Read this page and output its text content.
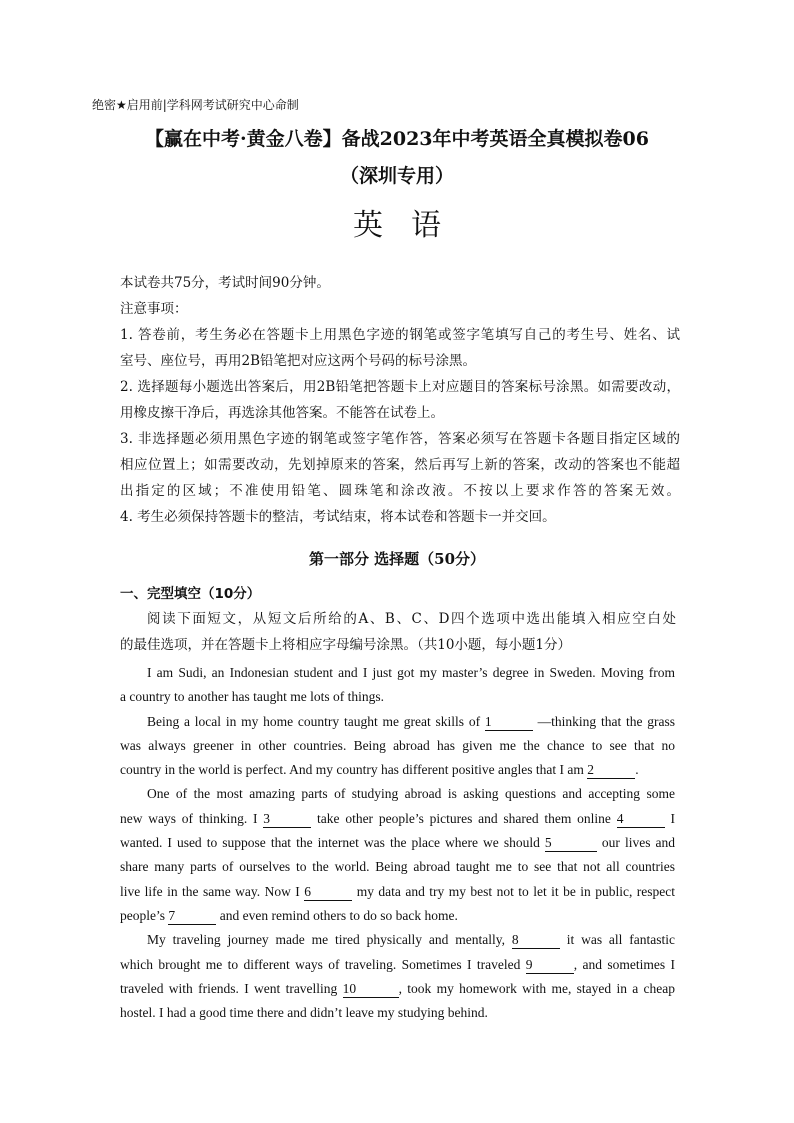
绝密★启用前|学科网考试研究中心命制
【赢在中考·黄金八卷】备战2023年中考英语全真模拟卷06
（深圳专用）
英语
本试卷共75分，考试时间90分钟。
注意事项：
1. 答卷前，考生务必在答题卡上用黑色字迹的钢笔或签字笔填写自己的考生号、姓名、试
室号、座位号，再用2B铅笔把对应这两个号码的标号涂黑。
2. 选择题每小题选出答案后，用2B铅笔把答题卡上对应题目的答案标号涂黑。如需要改动，
用橡皮擦干净后，再选涂其他答案。不能答在试卷上。
3. 非选择题必须用黑色字迹的钢笔或签字笔作答，答案必须写在答题卡各题目指定区域的
相应位置上；如需要改动，先划掉原来的答案，然后再写上新的答案，改动的答案也不能超
出指定的区域；不准使用铅笔、圆珠笔和涂改液。不按以上要求作答的答案无效。
4. 考生必须保持答题卡的整洁，考试结束，将本试卷和答题卡一并交回。
第一部分 选择题（50分）
一、完型填空（10分）
阅读下面短文，从短文后所给的A、B、C、D四个选项中选出能填入相应空白处
的最佳选项，并在答题卡上将相应字母编号涂黑。（共10小题，每小题1分）
I am Sudi, an Indonesian student and I just got my master’s degree in Sweden. Moving from
a country to another has taught me lots of things.
Being a local in my home country taught me great skills of 1	—thinking that the grass
was always greener in other countries. Being abroad has given me the chance to see that no
country in the world is perfect. And my country has different positive angles that I am 2	.
One of the most amazing parts of studying abroad is asking questions and accepting some
new ways of thinking. I 3	take other people’s pictures and shared them online 4	I
wanted. I used to suppose that the internet was the place where we should 5	our lives and
share many parts of ourselves to the world. Being abroad taught me to see that not all countries
live life in the same way. Now I 6	my data and try my best not to let it be in public, respect
people’s 7	and even remind others to do so back home.
My traveling journey made me tired physically and mentally, 8	it was all fantastic
which brought me to different ways of traveling. Sometimes I traveled 9	, and sometimes I
traveled with friends. I went travelling 10	, took my homework with me, stayed in a cheap
hostel. I had a good time there and didn’t leave my studying behind.
